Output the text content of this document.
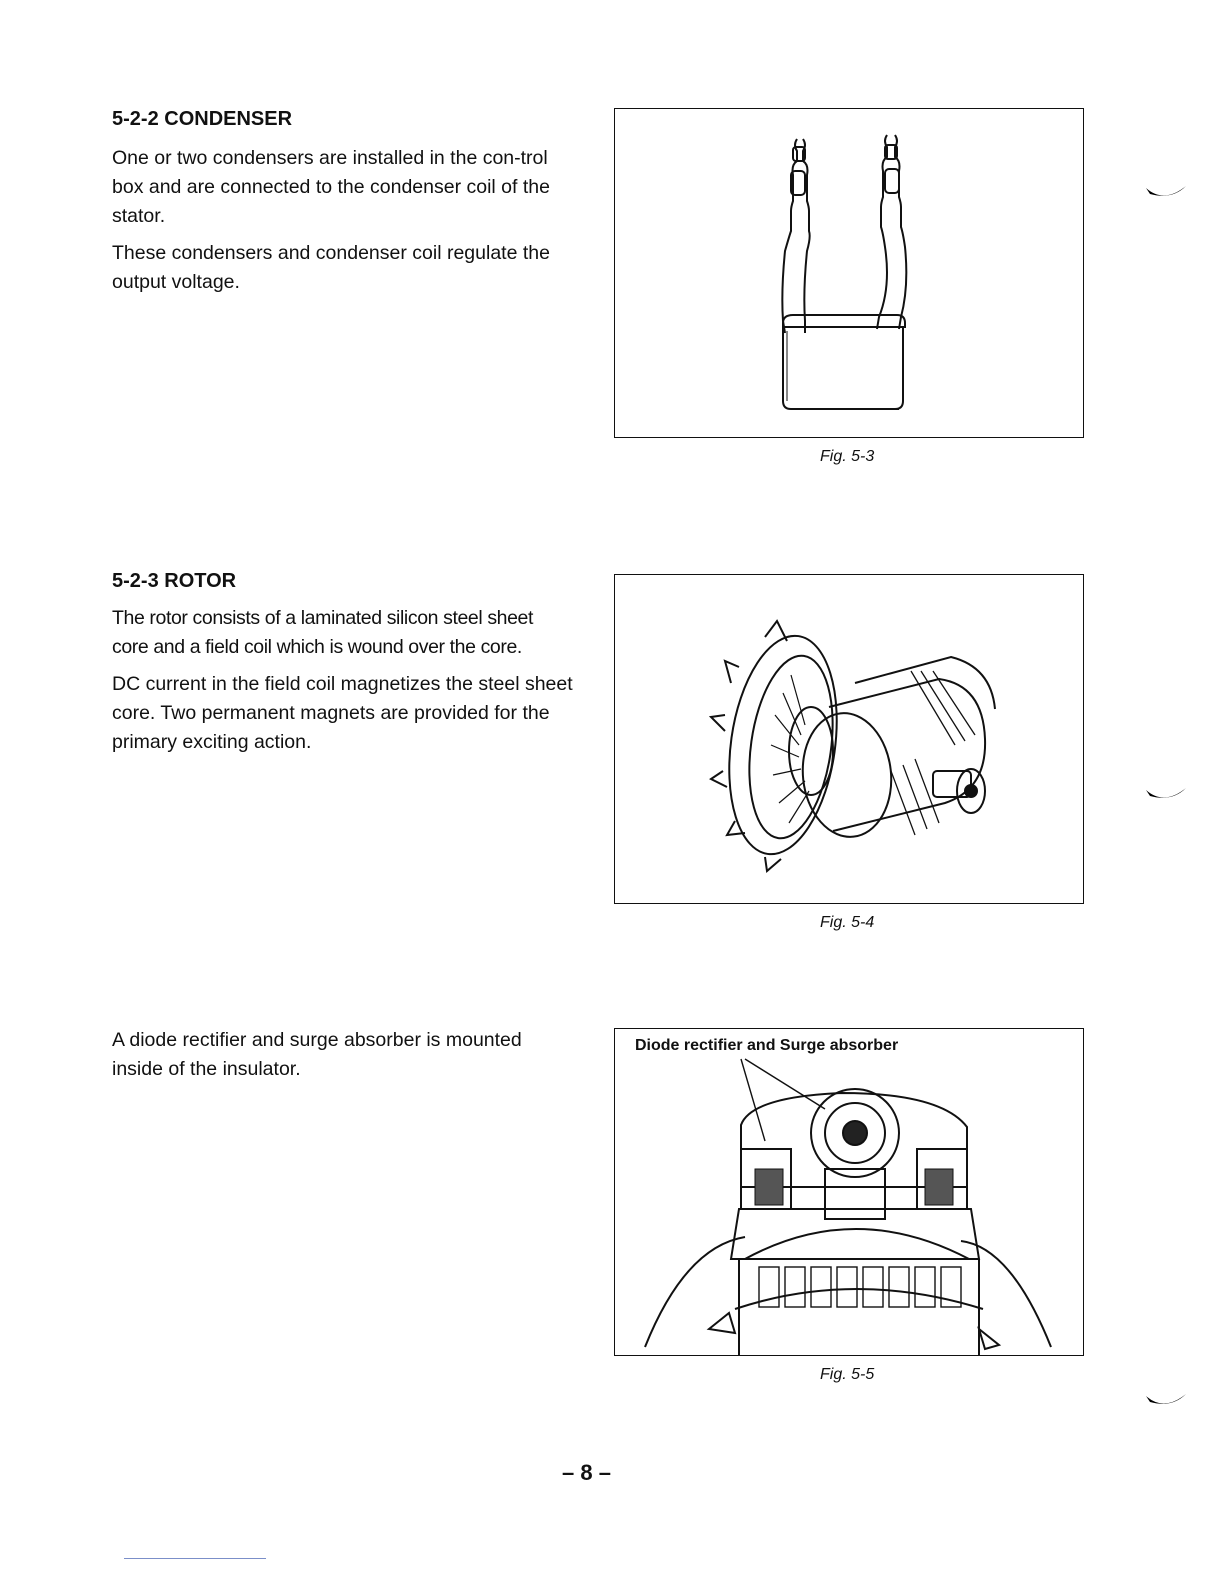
5-2-2 CONDENSER

One or two condensers are installed in the con-trol box and are connected to the condenser coil of the stator.

These condensers and condenser coil regulate the output voltage.

Fig. 5-3
5-2-3 ROTOR

The rotor consists of a laminated silicon steel sheet core and a field coil which is wound over the core.

DC current in the field coil magnetizes the steel sheet core. Two permanent magnets are provided for the primary exciting action.

Fig. 5-4

A diode rectifier and surge absorber is mounted inside of the insulator.

Diode rectifier and Surge absorber
Fig. 5-5
– 8 –
